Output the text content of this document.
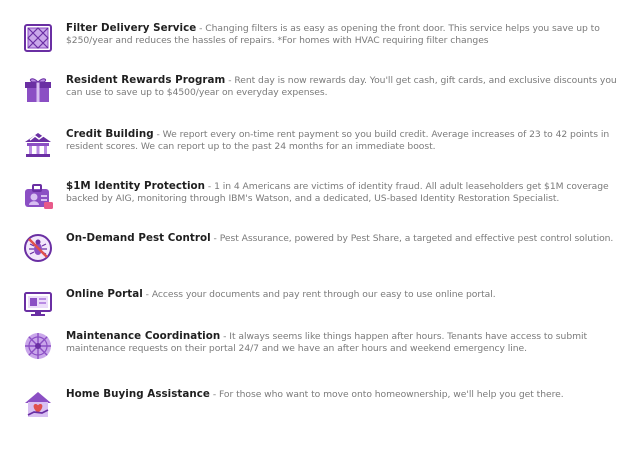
Filter Delivery Service - Changing filters is as easy as opening the front door. This service helps you save up to $250/year and reduces the hassles of repairs. *For homes with HVAC requiring filter changes
Resident Rewards Program - Rent day is now rewards day. You'll get cash, gift cards, and exclusive discounts you can use to save up to $4500/year on everyday expenses.
Credit Building - We report every on-time rent payment so you build credit. Average increases of 23 to 42 points in resident scores. We can report up to the past 24 months for an immediate boost.
$1M Identity Protection - 1 in 4 Americans are victims of identity fraud. All adult leaseholders get $1M coverage backed by AIG, monitoring through IBM's Watson, and a dedicated, US-based Identity Restoration Specialist.
On-Demand Pest Control - Pest Assurance, powered by Pest Share, a targeted and effective pest control solution.
Online Portal - Access your documents and pay rent through our easy to use online portal.
Maintenance Coordination - It always seems like things happen after hours. Tenants have access to submit maintenance requests on their portal 24/7 and we have an after hours and weekend emergency line.
Home Buying Assistance - For those who want to move onto homeownership, we'll help you get there.
